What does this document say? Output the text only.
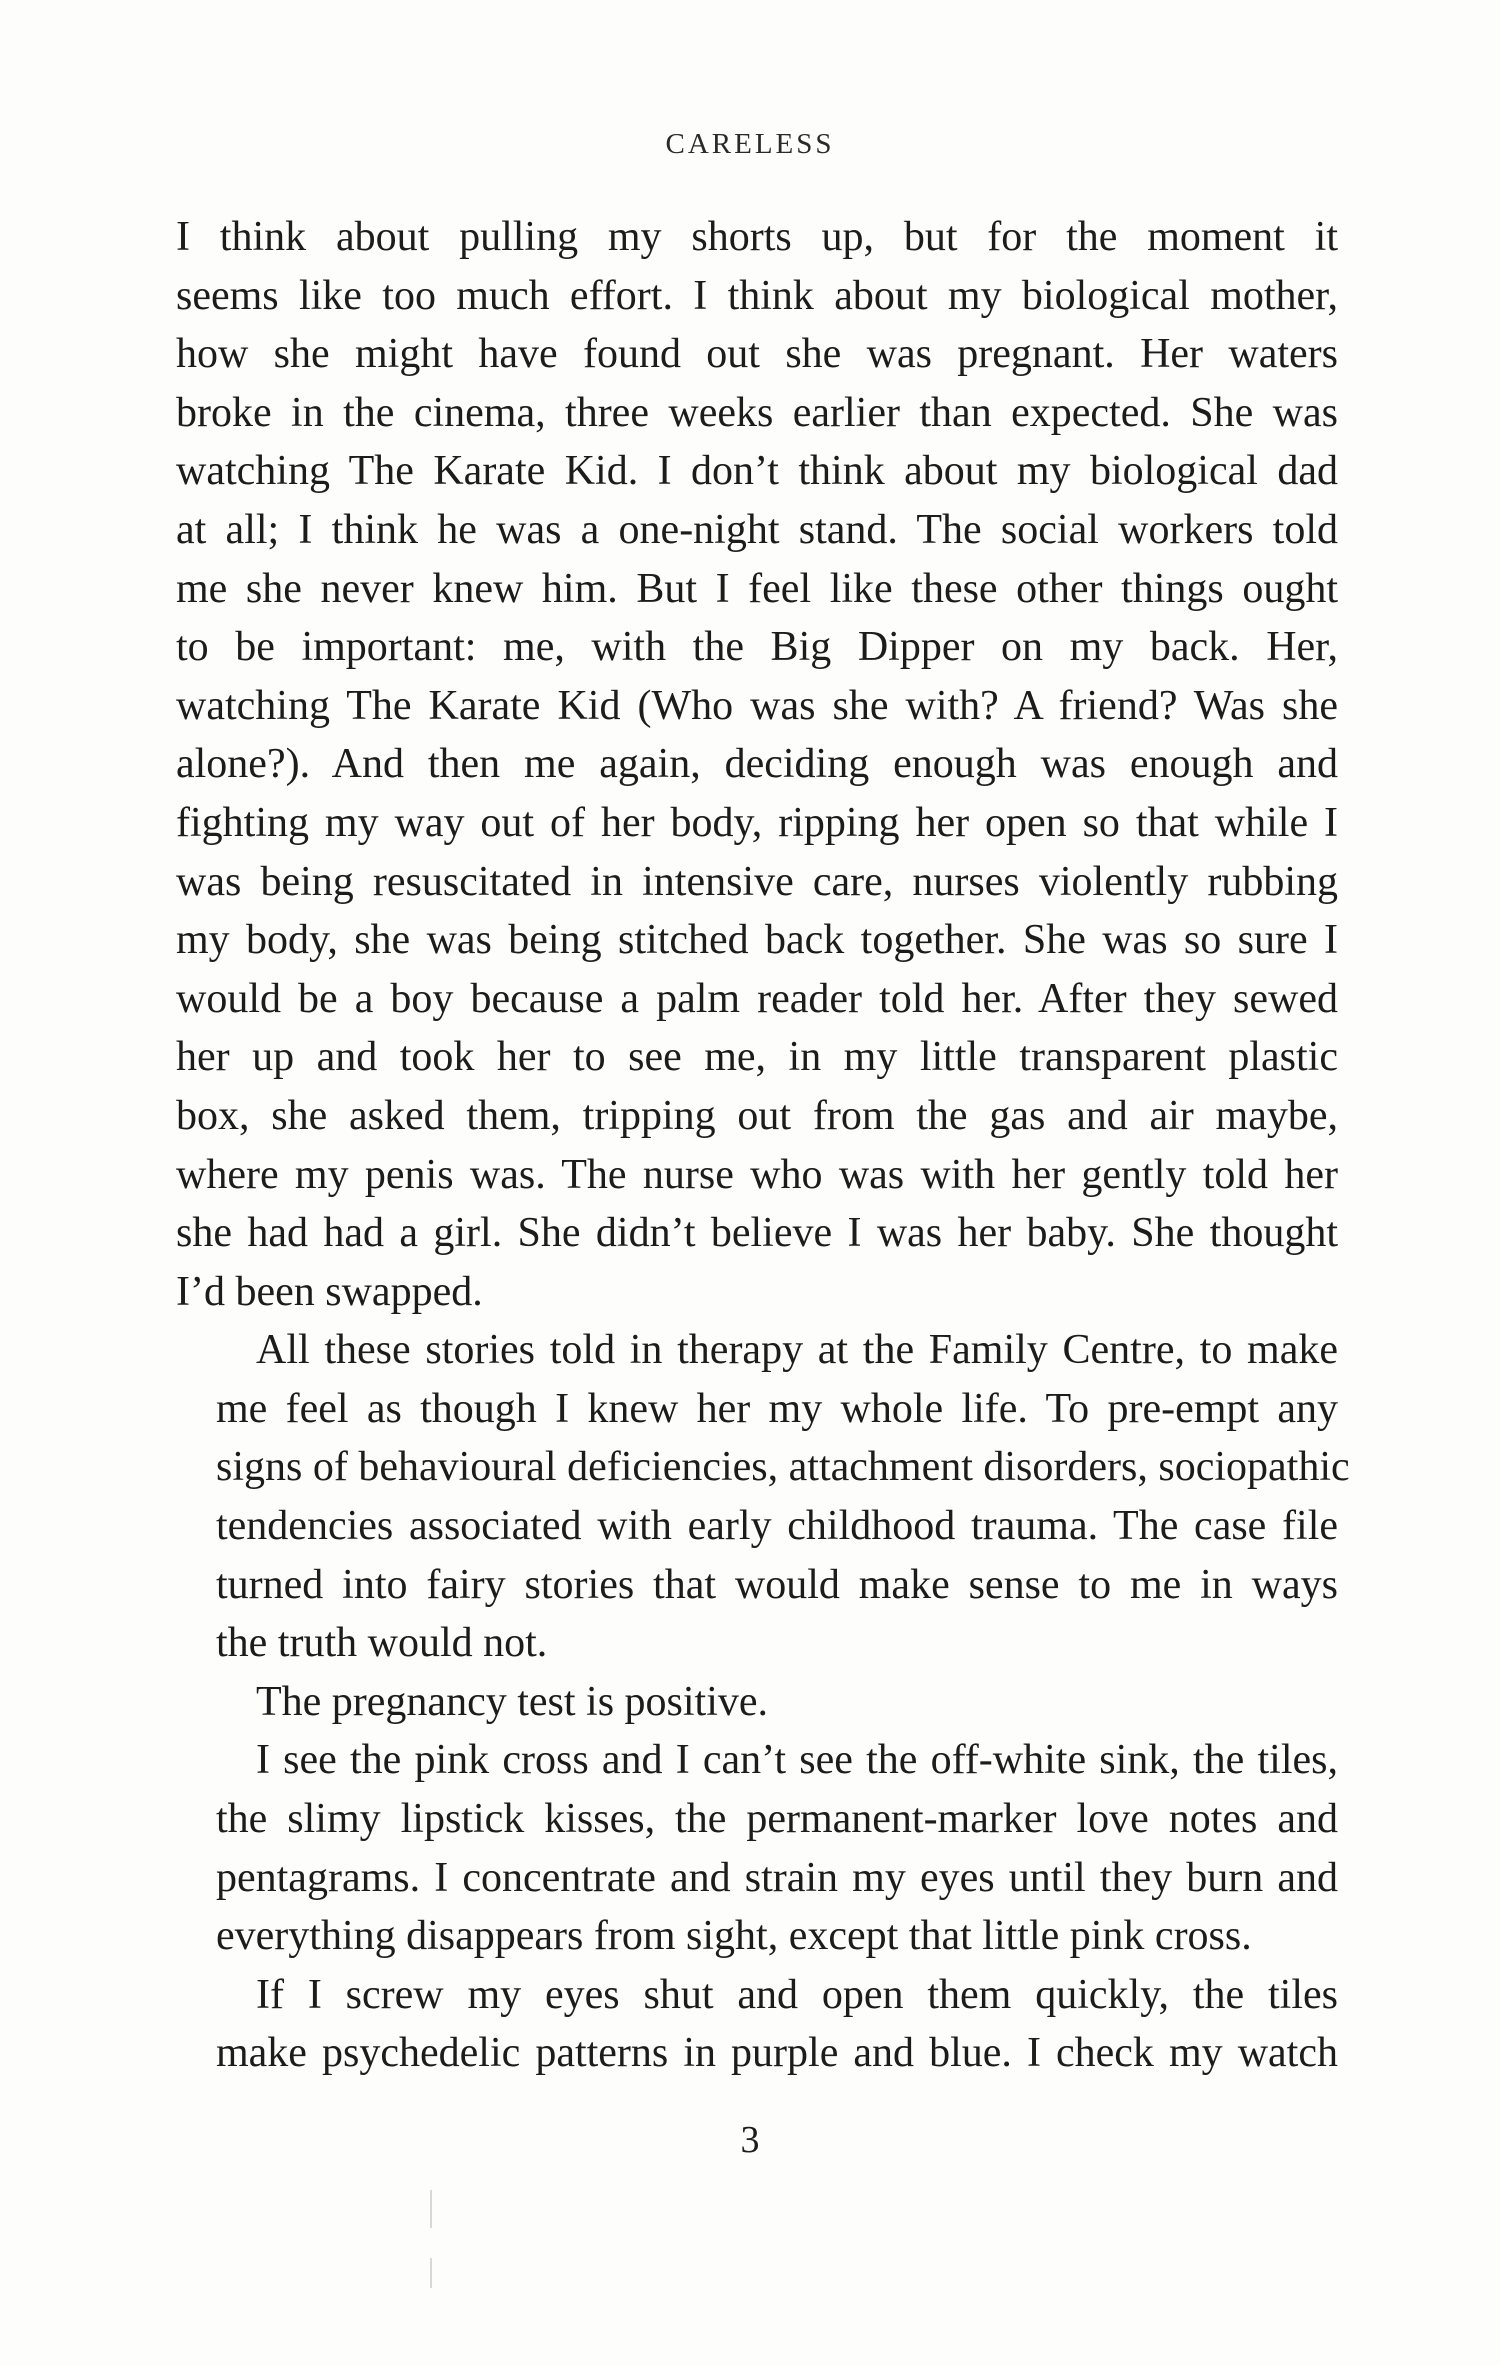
CARELESS

I think about pulling my shorts up, but for the moment it
seems like too much effort. I think about my biological mother,
how she might have found out she was pregnant. Her waters
broke in the cinema, three weeks earlier than expected. She was
watching The Karate Kid. I don’t think about my biological dad
at all; I think he was a one-night stand. The social workers told
me she never knew him. But I feel like these other things ought
to be important: me, with the Big Dipper on my back. Her,
watching The Karate Kid (Who was she with? A friend? Was she
alone?). And then me again, deciding enough was enough and
fighting my way out of her body, ripping her open so that while I
was being resuscitated in intensive care, nurses violently rubbing
my body, she was being stitched back together. She was so sure I
would be a boy because a palm reader told her. After they sewed
her up and took her to see me, in my little transparent plastic
box, she asked them, tripping out from the gas and air maybe,
where my penis was. The nurse who was with her gently told her
she had had a girl. She didn’t believe I was her baby. She thought
I’d been swapped.

All these stories told in therapy at the Family Centre, to make
me feel as though I knew her my whole life. To pre-empt any
signs of behavioural deficiencies, attachment disorders, sociopathic
tendencies associated with early childhood trauma. The case file
turned into fairy stories that would make sense to me in ways
the truth would not.

The pregnancy test is positive.

I see the pink cross and I can’t see the off-white sink, the tiles,
the slimy lipstick kisses, the permanent-marker love notes and
pentagrams. I concentrate and strain my eyes until they burn and
everything disappears from sight, except that little pink cross.

If I screw my eyes shut and open them quickly, the tiles
make psychedelic patterns in purple and blue. I check my watch

3
